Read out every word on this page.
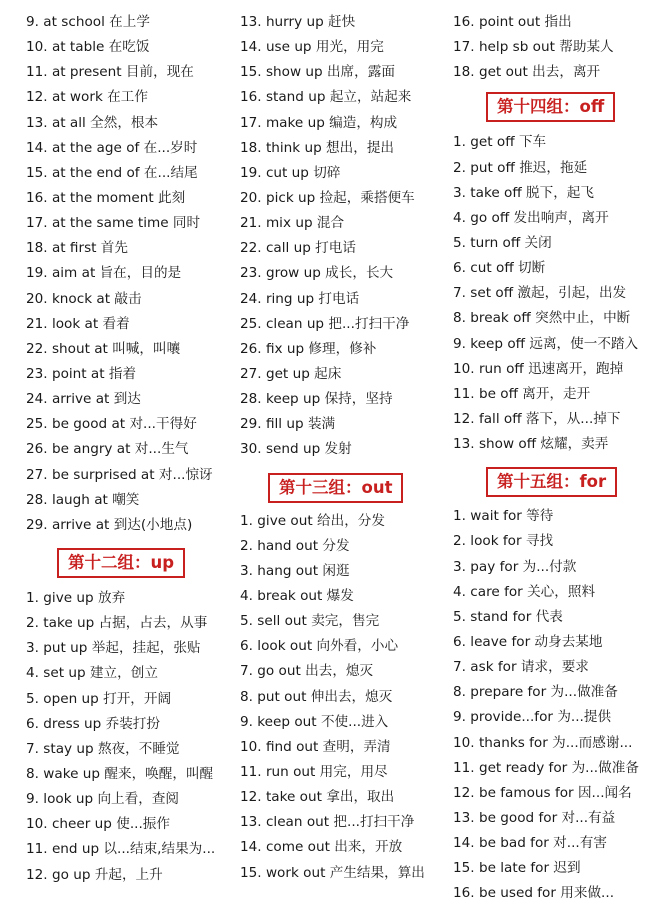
9. at school 在上学
10. at table 在吃饭
11. at present 目前，现在
12. at work 在工作
13. at all 全然，根本
14. at the age of 在...岁时
15. at the end of 在...结尾
16. at the moment 此刻
17. at the same time 同时
18. at first 首先
19. aim at 旨在，目的是
20. knock at 敲击
21. look at 看着
22. shout at 叫喊，叫嚷
23. point at 指着
24. arrive at 到达
25. be good at 对...干得好
26. be angry at 对...生气
27. be surprised at 对...惊讶
28. laugh at 嘲笑
29. arrive at 到达(小地点)
第十二组：up
1. give up 放弃
2. take up 占据，占去，从事
3. put up 举起，挂起，张贴
4. set up 建立，创立
5. open up 打开，开阔
6. dress up 乔装打扮
7. stay up 熬夜，不睡觉
8. wake up 醒来，唤醒，叫醒
9. look up 向上看，查阅
10. cheer up 使...振作
11. end up 以...结束,结果为...
12. go up 升起，上升
13. hurry up 赶快
14. use up 用光，用完
15. show up 出席，露面
16. stand up 起立，站起来
17. make up 编造，构成
18. think up 想出，提出
19. cut up 切碎
20. pick up 捡起，乘搭便车
21. mix up 混合
22. call up 打电话
23. grow up 成长，长大
24. ring up 打电话
25. clean up 把...打扫干净
26. fix up 修理，修补
27. get up 起床
28. keep up 保持，坚持
29. fill up 装满
30. send up 发射
第十三组：out
1. give out 给出，分发
2. hand out 分发
3. hang out 闲逛
4. break out 爆发
5. sell out 卖完，售完
6. look out 向外看，小心
7. go out 出去，熄灭
8. put out 伸出去，熄灭
9. keep out 不使...进入
10. find out 查明，弄清
11. run out 用完，用尽
12. take out 拿出，取出
13. clean out 把...打扫干净
14. come out 出来，开放
15. work out 产生结果，算出
16. point out 指出
17. help sb out 帮助某人
18. get out 出去，离开
第十四组：off
1. get off 下车
2. put off 推迟，拖延
3. take off 脱下，起飞
4. go off 发出响声，离开
5. turn off 关闭
6. cut off 切断
7. set off 激起，引起，出发
8. break off 突然中止，中断
9. keep off 远离，使一不踏入
10. run off 迅速离开，跑掉
11. be off 离开，走开
12. fall off 落下，从...掉下
13. show off 炫耀，卖弄
第十五组：for
1. wait for 等待
2. look for 寻找
3. pay for 为...付款
4. care for 关心，照料
5. stand for 代表
6. leave for 动身去某地
7. ask for 请求，要求
8. prepare for 为...做准备
9. provide...for 为...提供
10. thanks for 为...而感谢...
11. get ready for 为...做准备
12. be famous for 因...闻名
13. be good for 对...有益
14. be bad for 对...有害
15. be late for 迟到
16. be used for 用来做...
